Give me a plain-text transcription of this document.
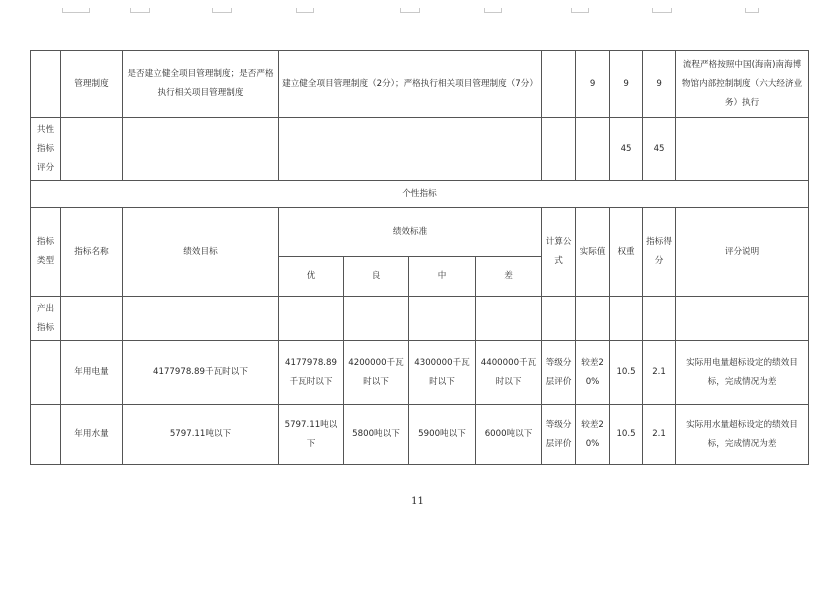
	管理制度	是否建立健全项目管理制度；是否严格执行相关项目管理制度	建立健全项目管理制度（2分）；严格执行相关项目管理制度（7分）					9	9	9	流程严格按照中国(海南)南海博物馆内部控制制度（六大经济业务）执行
共性指标评分									45	45	
个性指标											
指标类型	指标名称	绩效目标	绩效标准				计算公式	实际值	权重	指标得分	评分说明
			优	良	中	差					
产出指标											
	年用电量	4177978.89千瓦时以下	4177978.89千瓦时以下	4200000千瓦时以下	4300000千瓦时以下	4400000千瓦时以下	等级分层评价	较差20%	10.5	2.1	实际用电量超标设定的绩效目标，完成情况为差
	年用水量	5797.11吨以下	5797.11吨以下	5800吨以下	5900吨以下	6000吨以下	等级分层评价	较差20%	10.5	2.1	实际用水量超标设定的绩效目标，完成情况为差
11
